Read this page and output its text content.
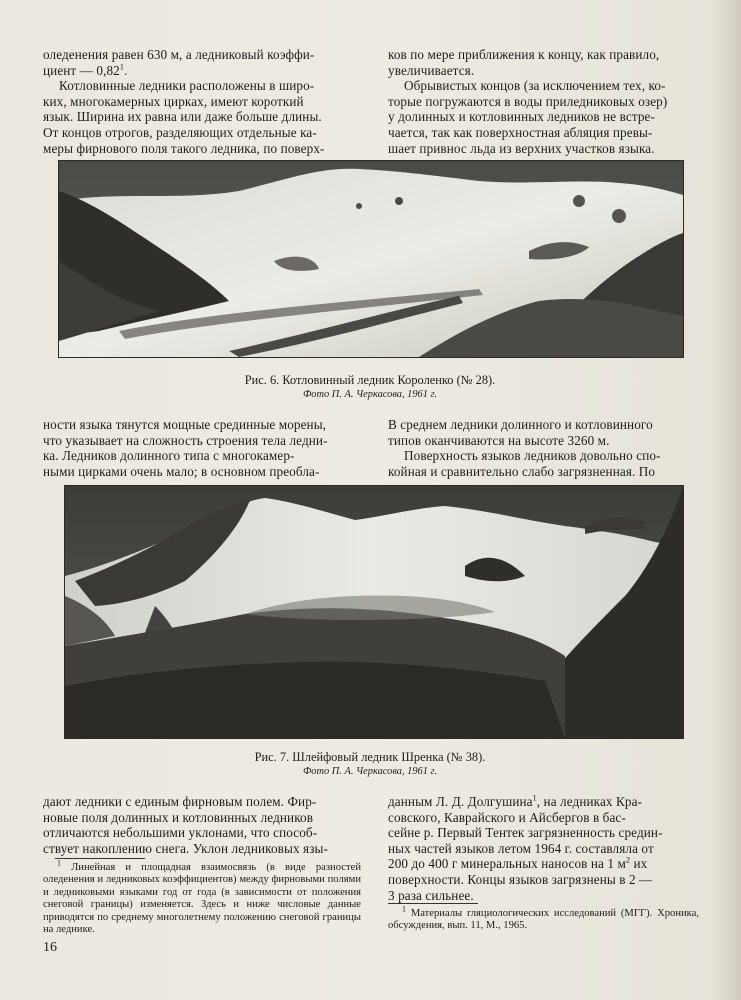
оледенения равен 630 м, а ледниковый коэффи-

циент — 0,82$^1$.

Котловинные ледники расположены в широ-

ких, многокамерных цирках, имеют короткий

язык. Ширина их равна или даже больше длины.

От концов отрогов, разделяющих отдельные ка-

меры фирнового поля такого ледника, по поверх-

ков по мере приближения к концу, как правило,

увеличивается.

Обрывистых концов (за исключением тех, ко-

торые погружаются в воды приледниковых озер)

у долинных и котловинных ледников не встре-

чается, так как поверхностная абляция превы-

шает привнос льда из верхних участков языка.

Рис. 6. Котловинный ледник Короленко (№ 28).
Фото П. А. Черкасова, 1961 г.

ности языка тянутся мощные срединные морены,

что указывает на сложность строения тела ледни-

ка. Ледников долинного типа с многокамер-

ными цирками очень мало; в основном преобла-

В среднем ледники долинного и котловинного

типов оканчиваются на высоте 3260 м.

Поверхность языков ледников довольно спо-

койная и сравнительно слабо загрязненная. По

Рис. 7. Шлейфовый ледник Шренка (№ 38).
Фото П. А. Черкасова, 1961 г.

дают ледники с единым фирновым полем. Фир-

новые поля долинных и котловинных ледников

отличаются небольшими уклонами, что способ-

ствует накоплению снега. Уклон ледниковых язы-

данным Л. Д. Долгушина$^1$, на ледниках Кра-

совского, Каврайского и Айсбергов в бас-

сейне р. Первый Тентек загрязненность средин-

ных частей языков летом 1964 г. составляла от

200 до 400 г минеральных наносов на 1 $м^2$ их

поверхности. Концы языков загрязнены в 2 —

3 раза сильнее.

$^1$ Линейная и площадная взаимосвязь (в виде разностей оледенения и ледниковых коэффициентов) между фирновыми полями и ледниковыми языками год от года (в зависимости от положения снеговой границы) изменяется. Здесь и ниже числовые данные приводятся по среднему многолетнему положению снеговой границы на леднике.

$^1$ Материалы гляциологических исследований (МГГ). Хроника, обсуждения, вып. 11, М., 1965.

16
